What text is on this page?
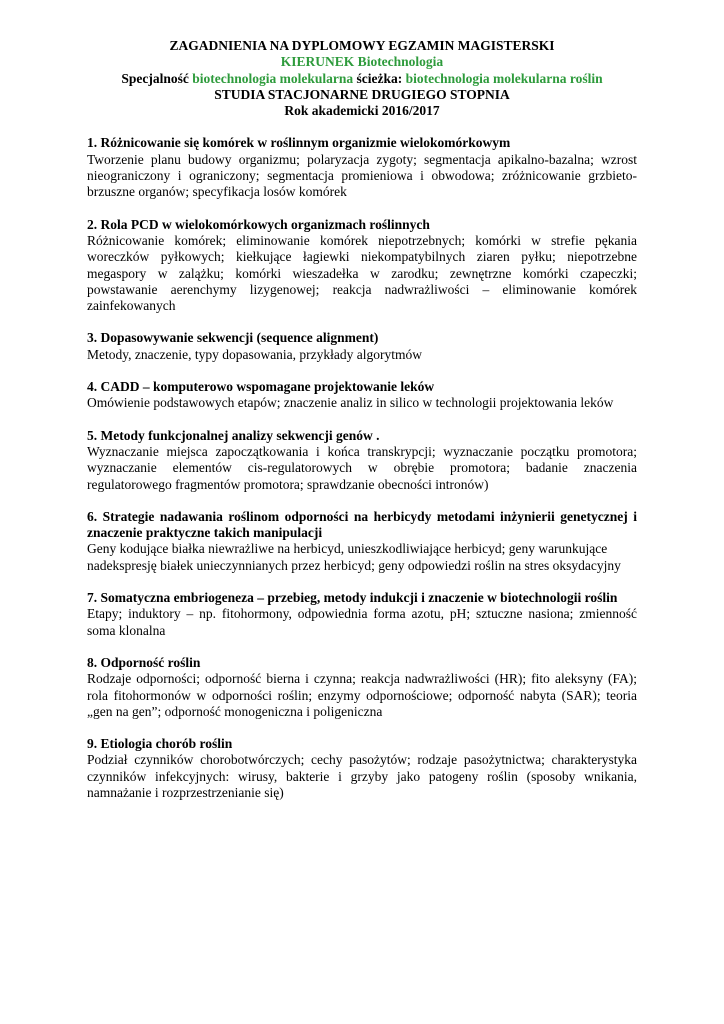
ZAGADNIENIA NA DYPLOMOWY EGZAMIN MAGISTERSKI
KIERUNEK Biotechnologia
Specjalność biotechnologia molekularna ścieżka: biotechnologia molekularna roślin
STUDIA STACJONARNE DRUGIEGO STOPNIA
Rok akademicki 2016/2017
1. Różnicowanie się komórek w roślinnym organizmie wielokomórkowym
Tworzenie planu budowy organizmu; polaryzacja zygoty; segmentacja apikalno-bazalna; wzrost nieograniczony i ograniczony; segmentacja promieniowa i obwodowa; zróżnicowanie grzbieto-brzuszne organów; specyfikacja losów komórek
2. Rola PCD w wielokomórkowych organizmach roślinnych
Różnicowanie komórek; eliminowanie komórek niepotrzebnych; komórki w strefie pękania woreczków pyłkowych; kiełkujące łagiewki niekompatybilnych ziaren pyłku; niepotrzebne megaspory w zalążku; komórki wieszadełka w zarodku; zewnętrzne komórki czapeczki; powstawanie aerenchymy lizygenowej; reakcja nadwrażliwości – eliminowanie komórek zainfekowanych
3. Dopasowywanie sekwencji (sequence alignment)
Metody, znaczenie, typy dopasowania, przykłady algorytmów
4. CADD – komputerowo wspomagane projektowanie leków
Omówienie podstawowych etapów; znaczenie analiz in silico w technologii projektowania leków
5. Metody funkcjonalnej analizy sekwencji genów .
Wyznaczanie miejsca zapoczątkowania i końca transkrypcji; wyznaczanie początku promotora; wyznaczanie elementów cis-regulatorowych w obrębie promotora; badanie znaczenia regulatorowego fragmentów promotora; sprawdzanie obecności intronów)
6. Strategie nadawania roślinom odporności na herbicydy metodami inżynierii genetycznej i znaczenie praktyczne takich manipulacji
Geny kodujące białka niewrażliwe na herbicyd, unieszkodliwiające herbicyd; geny warunkujące nadekspresję białek unieczynnianych przez herbicyd; geny odpowiedzi roślin na stres oksydacyjny
7. Somatyczna embriogeneza – przebieg, metody indukcji i znaczenie w biotechnologii roślin
Etapy; induktory – np. fitohormony, odpowiednia forma azotu, pH; sztuczne nasiona; zmienność soma klonalna
8. Odporność roślin
Rodzaje odporności; odporność bierna i czynna; reakcja nadwrażliwości (HR); fito aleksyny (FA); rola fitohormonów w odporności roślin; enzymy odpornościowe; odporność nabyta (SAR); teoria „gen na gen”; odporność monogeniczna i poligeniczna
9. Etiologia chorób roślin
Podział czynników chorobotwórczych; cechy pasożytów; rodzaje pasożytnictwa; charakterystyka czynników infekcyjnych: wirusy, bakterie i grzyby jako patogeny roślin (sposoby wnikania, namnażanie i rozprzestrzenianie się)
